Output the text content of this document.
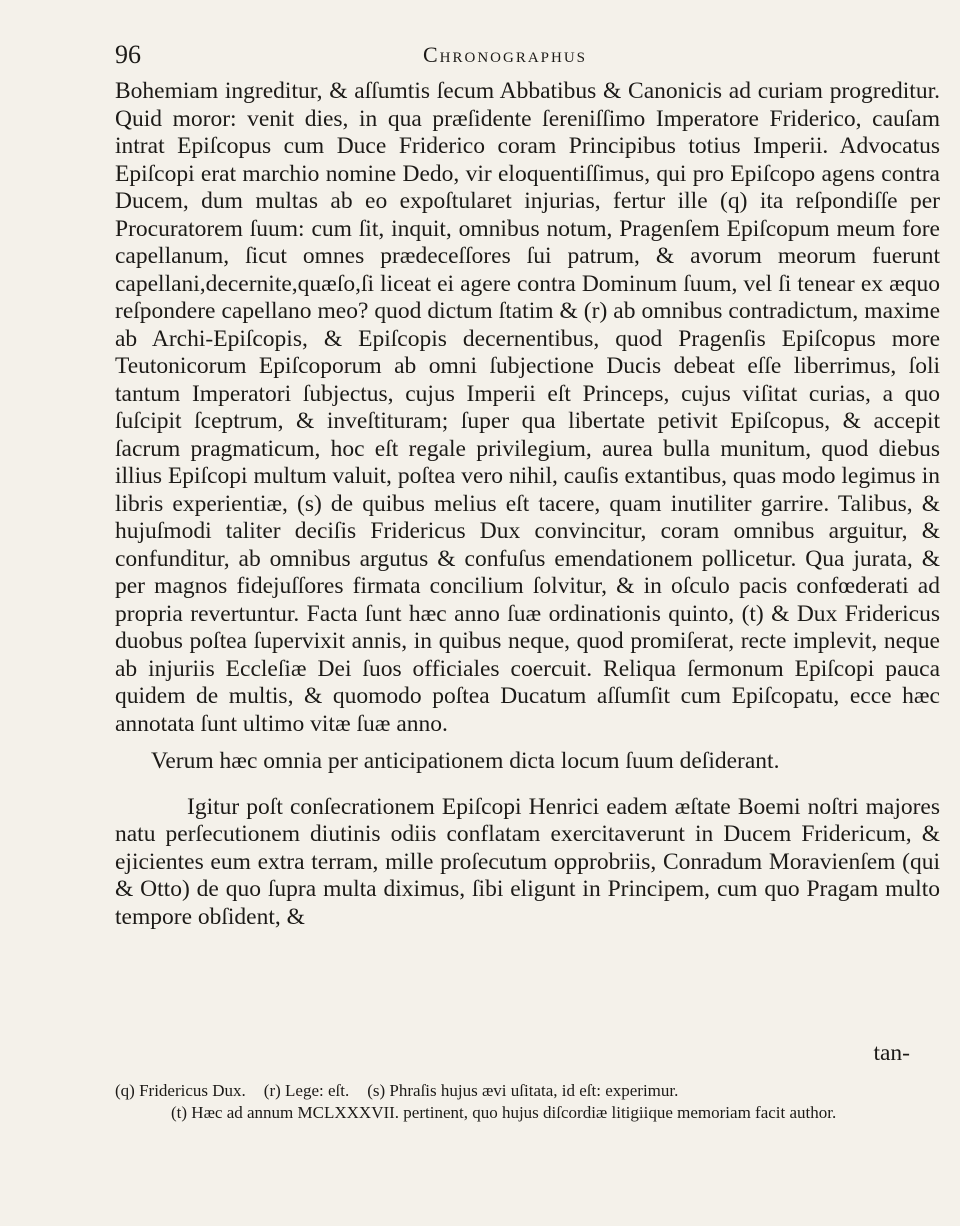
96	Chronographus

Bohemiam ingreditur, & aſſumtis ſecum Abbatibus & Canonicis ad curiam progreditur. Quid moror: venit dies, in qua præſidente ſereniſſimo Imperatore Friderico, cauſam intrat Epiſcopus cum Duce Friderico coram Principibus totius Imperii. Advocatus Epiſcopi erat marchio nomine Dedo, vir eloquentiſſimus, qui pro Epiſcopo agens contra Ducem, dum multas ab eo expoſtularet injurias, fertur ille (q) ita reſpondiſſe per Procuratorem ſuum: cum ſit, inquit, omnibus notum, Pragenſem Epiſcopum meum fore capellanum, ſicut omnes prædeceſſores ſui patrum, & avorum meorum fuerunt capellani,decernite,quæſo,ſi liceat ei agere contra Dominum ſuum, vel ſi tenear ex æquo reſpondere capellano meo? quod dictum ſtatim & (r) ab omnibus contradictum, maxime ab Archi-Epiſcopis, & Epiſcopis decernentibus, quod Pragenſis Epiſcopus more Teutonicorum Epiſcoporum ab omni ſubjectione Ducis debeat eſſe liberrimus, ſoli tantum Imperatori ſubjectus, cujus Imperii eſt Princeps, cujus viſitat curias, a quo ſuſcipit ſceptrum, & inveſtituram; ſuper qua libertate petivit Epiſcopus, & accepit ſacrum pragmaticum, hoc eſt regale privilegium, aurea bulla munitum, quod diebus illius Epiſcopi multum valuit, poſtea vero nihil, cauſis extantibus, quas modo legimus in libris experientiæ, (s) de quibus melius eſt tacere, quam inutiliter garrire. Talibus, & hujuſmodi taliter deciſis Fridericus Dux convincitur, coram omnibus arguitur, & confunditur, ab omnibus argutus & confuſus emendationem pollicetur. Qua jurata, & per magnos fidejuſſores firmata concilium ſolvitur, & in oſculo pacis confœderati ad propria revertuntur. Facta ſunt hæc anno ſuæ ordinationis quinto, (t) & Dux Fridericus duobus poſtea ſupervixit annis, in quibus neque, quod promiſerat, recte implevit, neque ab injuriis Eccleſiæ Dei ſuos officiales coercuit. Reliqua ſermonum Epiſcopi pauca quidem de multis, & quomodo poſtea Ducatum aſſumſit cum Epiſcopatu, ecce hæc annotata ſunt ultimo vitæ ſuæ anno.

Verum hæc omnia per anticipationem dicta locum ſuum deſiderant.

Igitur poſt conſecrationem Epiſcopi Henrici eadem æſtate Boemi noſtri majores natu perſecutionem diutinis odiis conflatam exercitaverunt in Ducem Fridericum, & ejicientes eum extra terram, mille proſecutum opprobriis, Conradum Moravienſem (qui & Otto) de quo ſupra multa diximus, ſibi eligunt in Principem, cum quo Pragam multo tempore obſident, &

tan-
(q) Fridericus Dux. (r) Lege: eſt. (s) Phraſis hujus ævi uſitata, id eſt: experimur.
(t) Hæc ad annum MCLXXXVII. pertinent, quo hujus diſcordiæ litigiique memoriam facit author.
